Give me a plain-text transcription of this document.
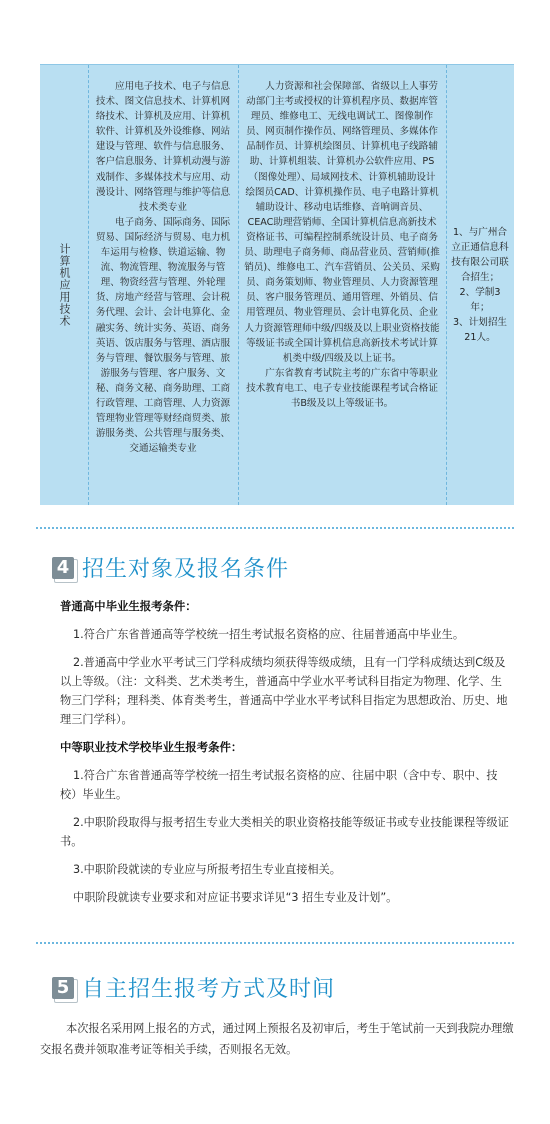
计算机应用技术

应用电子技术、电子与信息技术、图文信息技术、计算机网络技术、计算机及应用、计算机软件、计算机及外设维修、网站建设与管理、软件与信息服务、客户信息服务、计算机动漫与游戏制作、多媒体技术与应用、动漫设计、网络管理与维护等信息技术类专业

电子商务、国际商务、国际贸易、国际经济与贸易、电力机车运用与检修、铁道运输、物流、物流管理、物流服务与管理、物资经营与管理、外轮理货、房地产经营与管理、会计税务代理、会计、会计电算化、金融实务、统计实务、英语、商务英语、饭店服务与管理、酒店服务与管理、餐饮服务与管理、旅游服务与管理、客户服务、文秘、商务文秘、商务助理、工商行政管理、工商管理、人力资源管理物业管理等财经商贸类、旅游服务类、公共管理与服务类、交通运输类专业

人力资源和社会保障部、省级以上人事劳动部门主考或授权的计算机程序员、数据库管理员、维修电工、无线电调试工、图像制作员、网页制作操作员、网络管理员、多媒体作品制作员、计算机绘图员、计算机电子线路辅助、计算机组装、计算机办公软件应用、PS（图像处理）、局域网技术、计算机辅助设计绘图员CAD、计算机操作员、电子电路计算机辅助设计、移动电话维修、音响调音员、CEAC助理营销师、全国计算机信息高新技术资格证书、可编程控制系统设计员、电子商务员、助理电子商务师、商品营业员、营销师(推销员)、维修电工、汽车营销员、公关员、采购员、商务策划师、物业管理员、人力资源管理员、客户服务管理员、通用管理、外销员、信用管理员、物业管理员、会计电算化员、企业人力资源管理师中级/四级及以上职业资格技能等级证书或全国计算机信息高新技术考试计算机类中级/四级及以上证书。

广东省教育考试院主考的广东省中等职业技术教育电工、电子专业技能课程考试合格证书B级及以上等级证书。

1、与广州合立正通信息科技有限公司联合招生；
2、学制3年；
3、计划招生21人。
4 招生对象及报名条件

普通高中毕业生报考条件：

1.符合广东省普通高等学校统一招生考试报名资格的应、往届普通高中毕业生。

2.普通高中学业水平考试三门学科成绩均须获得等级成绩，且有一门学科成绩达到C级及以上等级。（注：文科类、艺术类考生，普通高中学业水平考试科目指定为物理、化学、生物三门学科；理科类、体育类考生，普通高中学业水平考试科目指定为思想政治、历史、地理三门学科）。

中等职业技术学校毕业生报考条件：

1.符合广东省普通高等学校统一招生考试报名资格的应、往届中职（含中专、职中、技校）毕业生。

2.中职阶段取得与报考招生专业大类相关的职业资格技能等级证书或专业技能课程等级证书。

3.中职阶段就读的专业应与所报考招生专业直接相关。

中职阶段就读专业要求和对应证书要求详见“3 招生专业及计划”。

5 自主招生报考方式及时间
本次报名采用网上报名的方式，通过网上预报名及初审后，考生于笔试前一天到我院办理缴交报名费并领取准考证等相关手续，否则报名无效。
